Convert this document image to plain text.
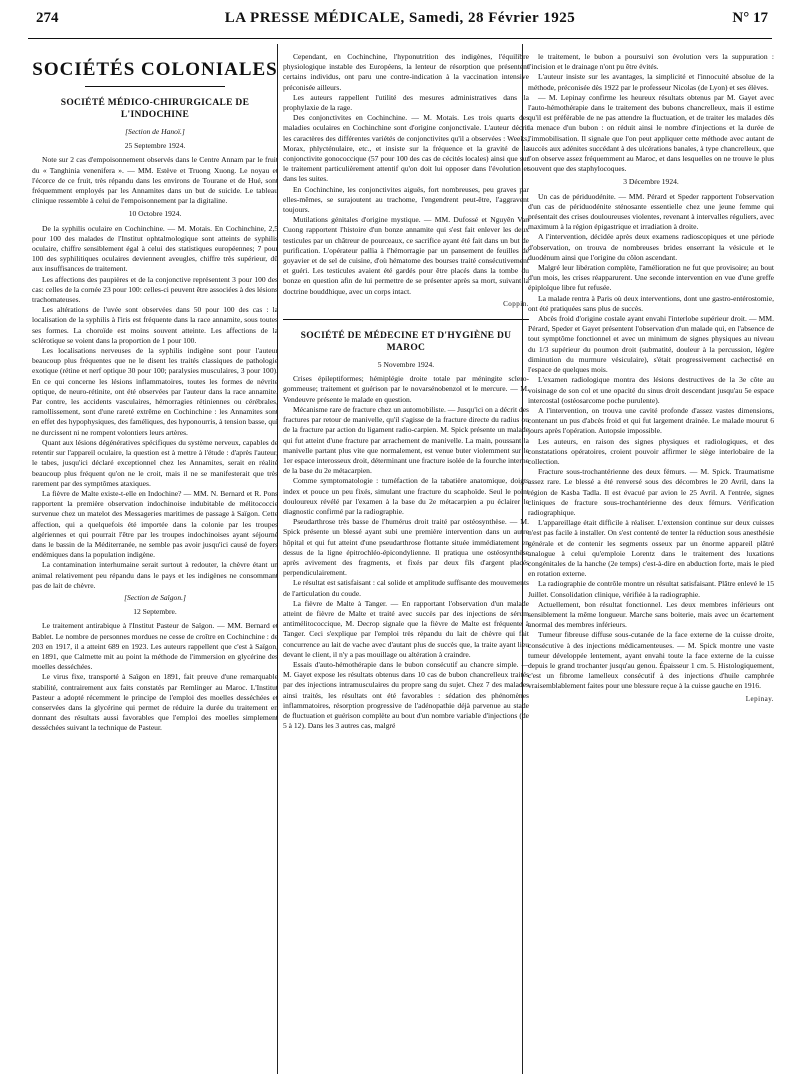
274	LA PRESSE MÉDICALE, Samedi, 28 Février 1925	N° 17
SOCIÉTÉS COLONIALES
SOCIÉTÉ MÉDICO-CHIRURGICALE DE L'INDOCHINE
[Section de Hanoï.]
25 Septembre 1924.

Note sur 2 cas d'empoisonnement observés dans le Centre Annam par le fruit du « Tanghinia venenifera ». — MM. Estève et Truong Xuong. Le noyau et l'écorce de ce fruit, très répandu dans les environs de Tourane et de Hué, sont fréquemment employés par les Annamites dans un but de suicide. Le tableau clinique ressemble à celui de l'empoisonnement par la digitaline.

10 Octobre 1924.

De la syphilis oculaire en Cochinchine. — M. Motais. En Cochinchine, 2,5 pour 100 des malades de l'Institut ophtalmologique sont atteints de syphilis oculaire, chiffre sensiblement égal à celui des statistiques européennes; 7 pour 100 des syphilitiques oculaires deviennent aveugles, chiffre très supérieur, dû aux insuffisances de traitement.

Les affections des paupières et de la conjonctive représentent 3 pour 100 des cas: celles de la cornée 23 pour 100: celles-ci peuvent être associées à des lésions trachomateuses.

Les altérations de l'uvée sont observées dans 50 pour 100 des cas : la localisation de la syphilis à l'iris est fréquente dans la race annamite, sous toutes ses formes. La choroïde est moins souvent atteinte. Les affections de la sclérotique se voient dans la proportion de 1 pour 100.

Les localisations nerveuses de la syphilis indigène sont pour l'auteur beaucoup plus fréquentes que ne le disent les traités classiques de pathologie exotique (rétine et nerf optique 30 pour 100; paralysies musculaires, 3 pour 100). En ce qui concerne les lésions inflammatoires, toutes les formes de névrite optique, de neuro-rétinite, ont été observées par l'auteur dans la race annamite. Par contre, les accidents vasculaires, hémorragies rétiniennes ou cérébrales, ramollissement, sont d'une rareté extrême en Cochinchine : les Annamites sont en effet des hypophysiques, des faméliques, des hyponourris, à tension basse, qui ne durcissent ni ne rompent volontiers leurs artères.

Quant aux lésions dégénératives spécifiques du système nerveux, capables de retentir sur l'appareil oculaire, la question est à mettre à l'étude : d'après l'auteur, le tabes, jusqu'ici déclaré exceptionnel chez les Annamites, serait en réalité beaucoup plus fréquent qu'on ne le croit, mais il ne se manifesterait que très rarement par des symptômes ataxiques.

La fièvre de Malte existe-t-elle en Indochine? — MM. N. Bernard et R. Pons rapportent la première observation indochinoise indubitable de mélitococcie survenue chez un matelot des Messageries maritimes de passage à Saïgon. Cette affection, qui a quelquefois été importée dans la colonie par les troupes algériennes et qui pourrait l'être par les troupes indochinoises ayant séjourné dans le bassin de la Méditerranée, ne semble pas avoir jusqu'ici causé de foyers endémiques dans la population indigène.

La contamination interhumaine serait surtout à redouter, la chèvre étant un animal relativement peu répandu dans le pays et les indigènes ne consommant pas de lait de chèvre.

[Section de Saïgon.]
12 Septembre.

Le traitement antirabique à l'Institut Pasteur de Saïgon. — MM. Bernard et Bablet. Le nombre de personnes mordues ne cesse de croître en Cochinchine : de 203 en 1917, il a atteint 689 en 1923. Les auteurs rappellent que c'est à Saïgon, en 1891, que Calmette mit au point la méthode de l'immersion en glycérine des moelles desséchées.

Le virus fixe, transporté à Saïgon en 1891, fait preuve d'une remarquable stabilité, contrairement aux faits constatés par Remlinger au Maroc. L'Institut Pasteur a adopté récemment le principe de l'emploi des moelles desséchées et conservées dans la glycérine qui permet de réduire la durée du traitement en donnant des résultats aussi favorables que l'emploi des moelles simplement desséchées suivant la technique de Pasteur.

Cependant, en Cochinchine, l'hyponutrition des indigènes, l'équilibre physiologique instable des Européens, la lenteur de résorption que présentent certains individus, ont paru une contre-indication à la vaccination intensive préconisée ailleurs.

Les auteurs rappellent l'utilité des mesures administratives dans la prophylaxie de la rage.

Des conjonctivites en Cochinchine. — M. Motais. Les trois quarts des maladies oculaires en Cochinchine sont d'origine conjonctivale. L'auteur décrit les caractères des différentes variétés de conjonctivites qu'il a observées : Weeks, Morax, phlycténulaire, etc., et insiste sur la fréquence et la gravité de la conjonctivite gonococcique (57 pour 100 des cas de cécités locales) ainsi que sur le traitement particulièrement attentif qu'on doit lui opposer dans l'évolution et dans les suites.

En Cochinchine, les conjonctivites aiguës, fort nombreuses, peu graves par elles-mêmes, se surajoutent au trachome, l'engendrent peut-être, l'aggravent toujours.

Mutilations génitales d'origine mystique. — MM. Dufossé et Nguyên Van Cuong rapportent l'histoire d'un bonze annamite qui s'est fait enlever les deux testicules par un châtreur de pourceaux, ce sacrifice ayant été fait dans un but de purification. L'opérateur pallia à l'hémorragie par un pansement de feuilles de goyavier et de sel de cuisine, d'où hématome des bourses traité consécutivement et guéri. Les testicules avaient été gardés pour être placés dans la tombe du bonze en question afin de lui permettre de se présenter après sa mort, suivant la doctrine bouddhique, avec un corps intact.

Coppin.
SOCIÉTÉ DE MÉDECINE ET D'HYGIÈNE DU MAROC
5 Novembre 1924.

Crises épileptiformes; hémiplégie droite totale par méningite sclero-gommeuse; traitement et guérison par le novarsénobenzol et le mercure. — M. Vendeuvre présente le malade en question.

Mécanisme rare de fracture chez un automobiliste. — Jusqu'ici on a décrit des fractures par retour de manivelle, qu'il s'agisse de la fracture directe du radius ou de la fracture par action du ligament radio-carpien. M. Spick présente un malade qui fut atteint d'une fracture par arrachement de manivelle. La main, poussant la manivelle partant plus vite que normalement, est venue buter violemment sur le 1er espace interosseux droit, déterminant une fracture isolée de la fourche interne de la base du 2e métacarpien.

Comme symptomatologie : tuméfaction de la tabatière anatomique, doigts index et pouce un peu fixés, simulant une fracture du scaphoïde. Seul le point douloureux révélé par l'examen à la base du 2e métacarpien a pu éclairer le diagnostic confirmé par la radiographie.

Pseudarthrose très basse de l'humérus droit traité par ostéosynthèse. — M. Spick présente un blessé ayant subi une première intervention dans un autre hôpital et qui fut atteint d'une pseudarthrose flottante située immédiatement en dessus de la ligne épitrochléo-épicondylienne. Il pratiqua une ostéosynthèse après avivement des fragments, et fixés par deux fils d'argent placés perpendiculairement.

Le résultat est satisfaisant : cal solide et amplitude suffisante des mouvements de l'articulation du coude.

La fièvre de Malte à Tanger. — En rapportant l'observation d'un malade atteint de fièvre de Malte et traité avec succès par des injections de sérum antimélitococcique, M. Decrop signale que la fièvre de Malte est fréquente à Tanger. Ceci s'explique par l'emploi très répandu du lait de chèvre qui fait concurrence au lait de vache avec d'autant plus de succès que, la traite ayant lieu devant le client, il n'y a pas mouillage ou altération à craindre.

Essais d'auto-hémothérapie dans le bubon consécutif au chancre simple. — M. Gayet expose les résultats obtenus dans 10 cas de bubon chancrelleux traités par des injections intramusculaires du propre sang du sujet. Chez 7 des malades ainsi traités, les résultats ont été favorables : sédation des phénomènes inflammatoires, résorption progressive de l'adénopathie déjà parvenue au stade de fluctuation et guérison complète au bout d'un nombre variable d'injections (de 5 à 12). Dans les 3 autres cas, malgré

le traitement, le bubon a poursuivi son évolution vers la suppuration : l'incision et le drainage n'ont pu être évités.

L'auteur insiste sur les avantages, la simplicité et l'innocuité absolue de la méthode, préconisée dès 1922 par le professeur Nicolas (de Lyon) et ses élèves.

— M. Lepinay confirme les heureux résultats obtenus par M. Gayet avec l'auto-hémothérapie dans le traitement des bubons chancrelleux, mais il estime qu'il est préférable de ne pas attendre la fluctuation, et de traiter les malades dès la menace d'un bubon : on réduit ainsi le nombre d'injections et la durée de l'immobilisation. Il signale que l'on peut appliquer cette méthode avec autant de succès aux adénites succédant à des ulcérations banales, à type chancrelleux, que l'on observe assez fréquemment au Maroc, et dans lesquelles on ne trouve le plus souvent que des staphylocoques.

3 Décembre 1924.

Un cas de périduodénite. — MM. Pérard et Speder rapportent l'observation d'un cas de périduodénite sténosante essentielle chez une jeune femme qui présentait des crises douloureuses violentes, revenant à intervalles réguliers, avec maximum à la région épigastrique et irradiation à droite.

A l'intervention, décidée après deux examens radioscopiques et une période d'observation, on trouva de nombreuses brides enserrant la vésicule et le duodénum ainsi que l'origine du côlon ascendant.

Malgré leur libération complète, l'amélioration ne fut que provisoire; au bout d'un mois, les crises réapparurent. Une seconde intervention en vue d'une greffe épiploïque libre fut refusée.

La malade rentra à Paris où deux interventions, dont une gastro-entérostomie, ont été pratiquées sans plus de succès.

Abcès froid d'origine costale ayant envahi l'interlobe supérieur droit. — MM. Pérard, Speder et Gayet présentent l'observation d'un malade qui, en l'absence de tout symptôme fonctionnel et avec un minimum de signes physiques au niveau du 1/3 supérieur du poumon droit (submatité, douleur à la percussion, légère diminution du murmure vésiculaire), s'était progressivement cachectisé en l'espace de quelques mois.

L'examen radiologique montra des lésions destructives de la 3e côte au voisinage de son col et une opacité du sinus droit descendant jusqu'au 5e espace intercostal (ostéosarcome poche purulente).

A l'intervention, on trouva une cavité profonde d'assez vastes dimensions, contenant un pus d'abcès froid et qui fut largement drainée. Le malade mourut 6 jours après l'opération. Autopsie impossible.

Les auteurs, en raison des signes physiques et radiologiques, et des constatations opératoires, croient pouvoir affirmer le siège interlobaire de la collection.

Fracture sous-trochantérienne des deux fémurs. — M. Spick. Traumatisme assez rare. Le blessé a été renversé sous des décombres le 20 Avril, dans la région de Kasba Tadla. Il est évacué par avion le 25 Avril. A l'entrée, signes cliniques de fracture sous-trochantérienne des deux fémurs. Vérification radiographique.

L'appareillage était difficile à réaliser. L'extension continue sur deux cuisses n'est pas facile à installer. On s'est contenté de tenter la réduction sous anesthésie générale et de contenir les segments osseux par un énorme appareil plâtré analogue à celui qu'emploie Lorentz dans le traitement des luxations congénitales de la hanche (2e temps) c'est-à-dire en abduction forte, mais le pied en rotation externe.

La radiographie de contrôle montre un résultat satisfaisant. Plâtre enlevé le 15 Juillet. Consolidation clinique, vérifiée à la radiographie.

Actuellement, bon résultat fonctionnel. Les deux membres inférieurs ont sensiblement la même longueur. Marche sans boiterie, mais avec un écartement anormal des membres inférieurs.

Tumeur fibreuse diffuse sous-cutanée de la face externe de la cuisse droite, consécutive à des injections médicamenteuses. — M. Spick montre une vaste tumeur développée lentement, ayant envahi toute la face externe de la cuisse depuis le grand trochanter jusqu'au genou. Épaisseur 1 cm. 5. Histologiquement, c'est un fibrome lamelleux consécutif à des injections d'huile camphrée vraisemblablement faites pour une blessure reçue à la cuisse gauche en 1916.

Lepinay.
